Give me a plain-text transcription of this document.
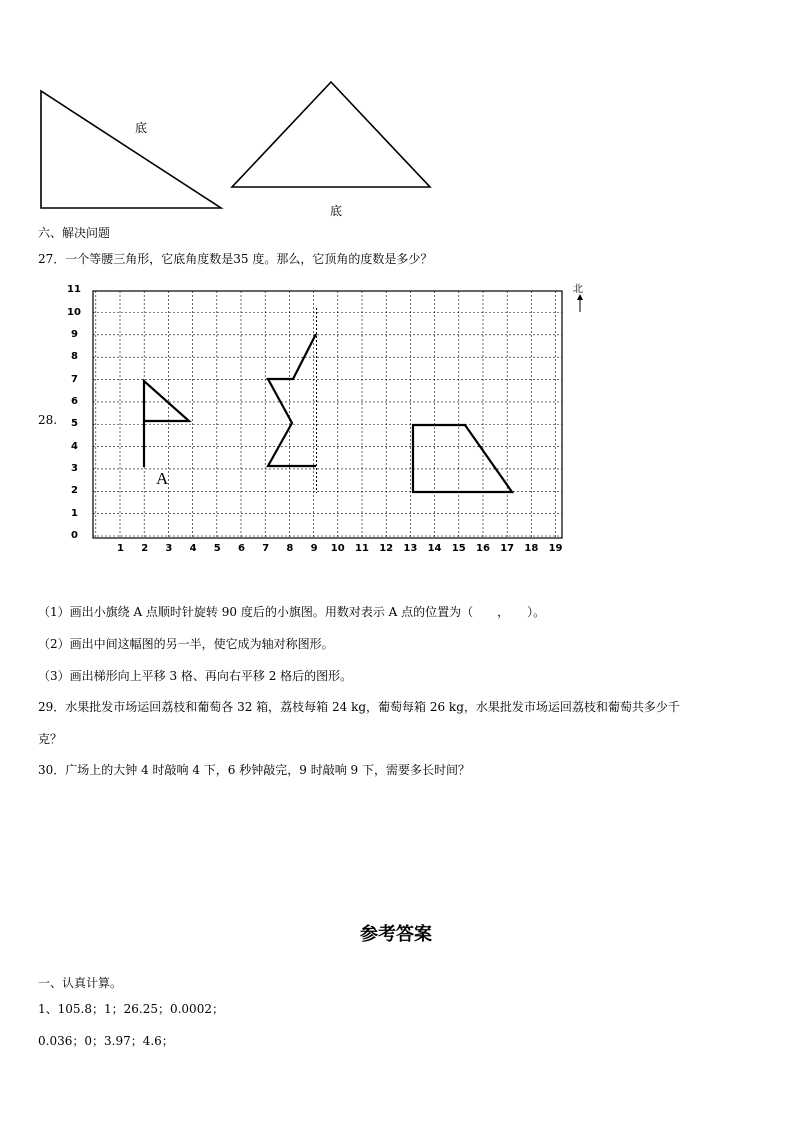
底
底
六、解决问题
27．一个等腰三角形，它底角度数是35 度。那么，它顶角的度数是多少？
28.
0
1
2
3
4
5
6
7
8
9
10
11
1 2 3 4 5 6 7 8 9 10 11 12 13 14 15 16 17 18 19
北
A
（1）画出小旗绕 A 点顺时针旋转 90 度后的小旗图。用数对表示 A 点的位置为（　　，　　）。
（2）画出中间这幅图的另一半，使它成为轴对称图形。
（3）画出梯形向上平移 3 格、再向右平移 2 格后的图形。
29．水果批发市场运回荔枝和葡萄各 32 箱，荔枝每箱 24 kg，葡萄每箱 26 kg，水果批发市场运回荔枝和葡萄共多少千
克？
30．广场上的大钟 4 时敲响 4 下，6 秒钟敲完，9 时敲响 9 下，需要多长时间？
参考答案
一、认真计算。
1、105.8；1；26.25；0.0002；
0.036；0；3.97；4.6；
